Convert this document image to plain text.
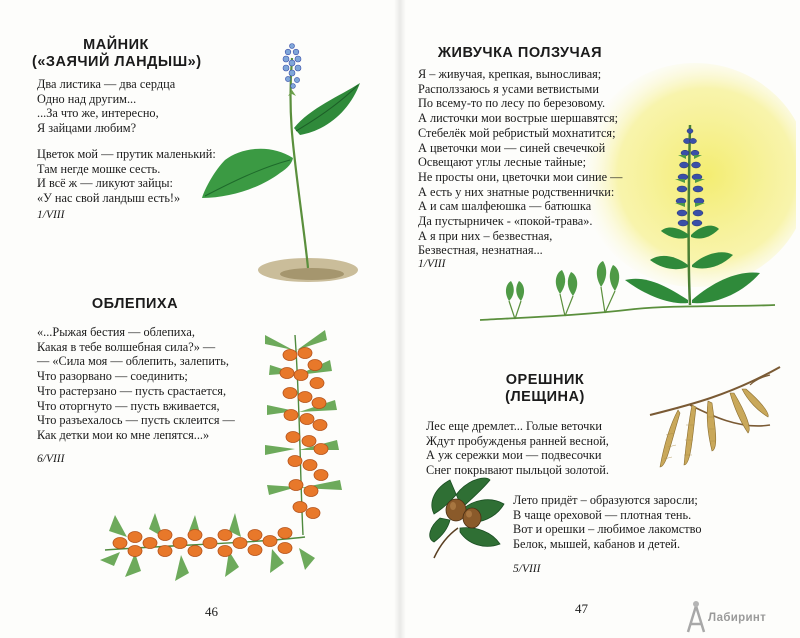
МАЙНИК
(«ЗАЯЧИЙ ЛАНДЫШ»)
Два листика — два сердца
Одно над другим...
...За что же, интересно,
Я зайцами любим?
Цветок мой — прутик маленький:
Там негде мошке сесть.
И всё ж — ликуют зайцы:
«У нас свой ландыш есть!»
1/VIII
ОБЛЕПИХА
«...Рыжая бестия — облепиха,
Какая в тебе волшебная сила?» —
— «Сила моя — облепить, залепить,
Что разорвано — соединить;
Что растерзано — пусть срастается,
Что оторгнуто — пусть вживается,
Что разъехалось — пусть склеится —
Как детки мои ко мне лепятся...»
6/VIII
46
ЖИВУЧКА ПОЛЗУЧАЯ
Я – живучая, крепкая, выносливая;
Располззаюсь я усами ветвистыми
По всему-то по лесу по березовому.
А листочки мои вострые шершавятся;
Стебелёк мой ребристый мохнатится;
А цветочки мои — синей свечечкой
Освещают углы лесные тайные;
Не просты они, цветочки мои синие —
А есть у них знатные родственнички:
А и сам шалфеюшка — батюшка
Да пустырничек - «покой-трава».
А я при них – безвестная,
Безвестная, незнатная...
1/VIII
ОРЕШНИК
(ЛЕЩИНА)
Лес еще дремлет... Голые веточки
Ждут пробужденья ранней весной,
А уж сережки мои — подвесочки
Снег покрывают пыльцой золотой.
Лето придёт – образуются заросли;
В чаще ореховой — плотная тень.
Вот и орешки – любимое лакомство
Белок, мышей, кабанов и детей.
5/VIII
47
Лабиринт
